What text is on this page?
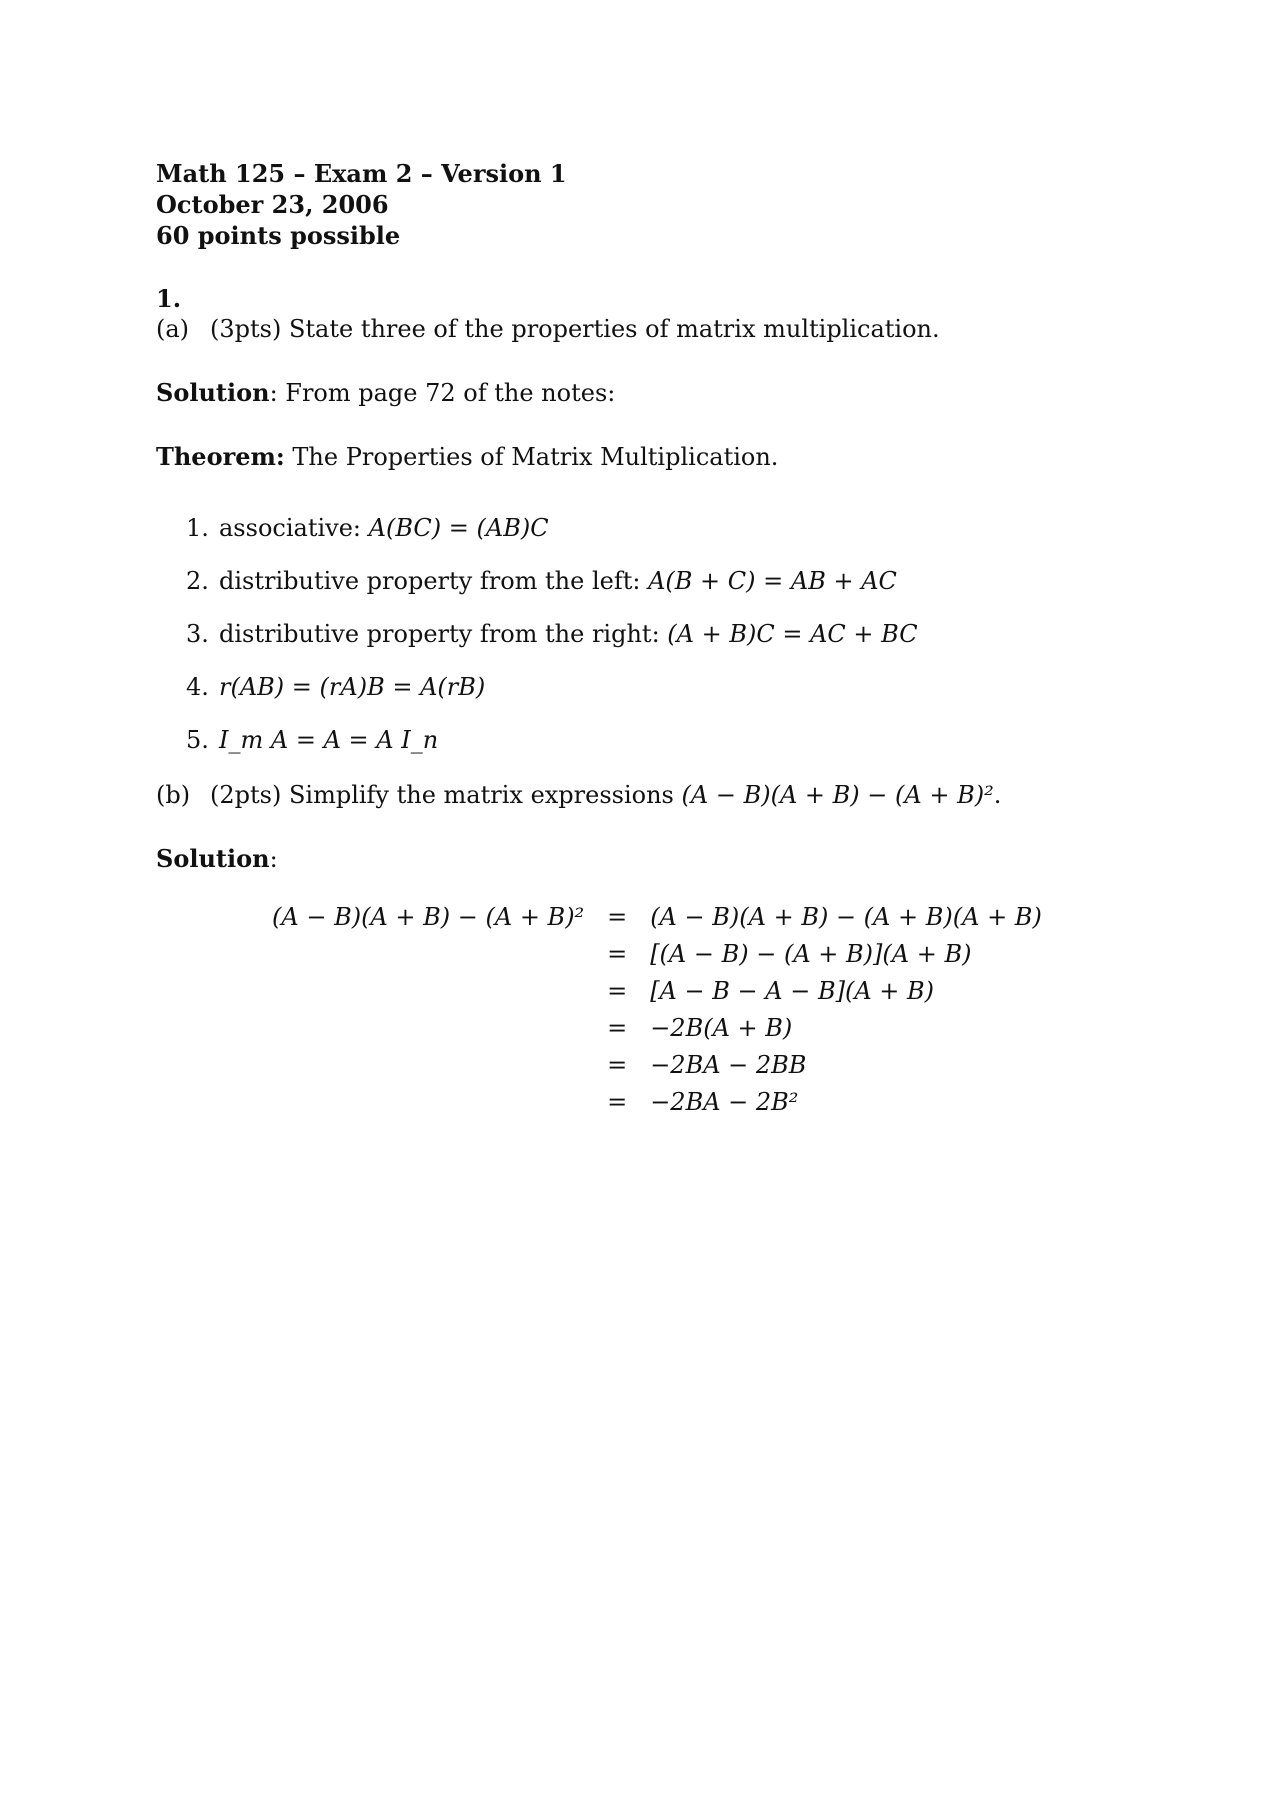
Math 125 – Exam 2 – Version 1
October 23, 2006
60 points possible
1.
(a) (3pts) State three of the properties of matrix multiplication.
Solution: From page 72 of the notes:
Theorem: The Properties of Matrix Multiplication.
1. associative: A(BC) = (AB)C
2. distributive property from the left: A(B + C) = AB + AC
3. distributive property from the right: (A + B)C = AC + BC
4. r(AB) = (rA)B = A(rB)
5. I_m A = A = A I_n
(b) (2pts) Simplify the matrix expressions (A − B)(A + B) − (A + B)².
Solution:
(A − B)(A + B) − (A + B)²	=	(A − B)(A + B) − (A + B)(A + B)
	=	[(A − B) − (A + B)](A + B)
	=	[A − B − A − B](A + B)
	=	−2B(A + B)
	=	−2BA − 2BB
	=	−2BA − 2B²
